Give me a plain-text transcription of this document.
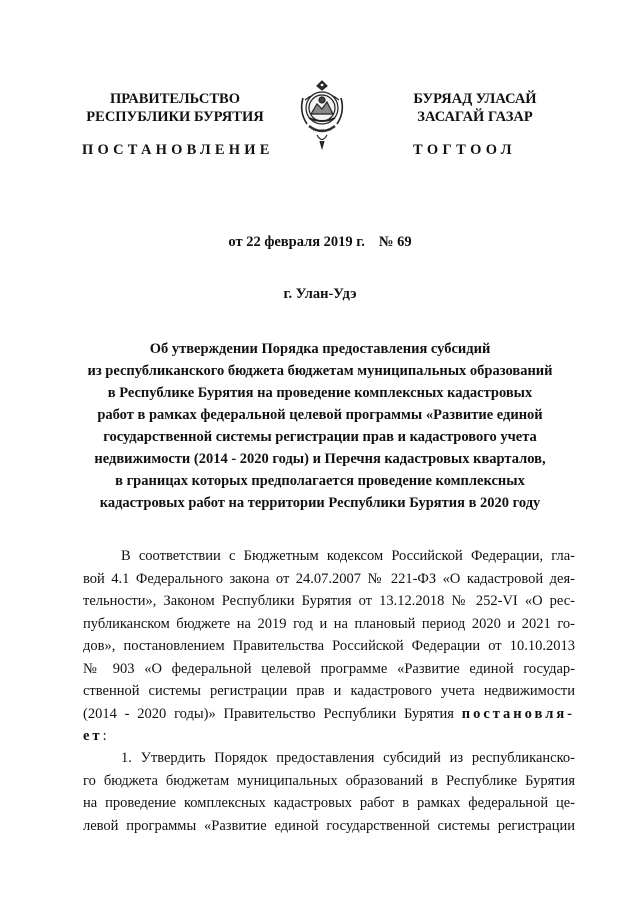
ПРАВИТЕЛЬСТВО
РЕСПУБЛИКИ БУРЯТИЯ
БУРЯАД УЛАСАЙ
ЗАСАГАЙ ГАЗАР
ПОСТАНОВЛЕНИЕ	ТОГТООЛ
от 22 февраля 2019 г. № 69
г. Улан-Удэ
Об утверждении Порядка предоставления субсидий
из республиканского бюджета бюджетам муниципальных образований
в Республике Бурятия на проведение комплексных кадастровых
работ в рамках федеральной целевой программы «Развитие единой
государственной системы регистрации прав и кадастрового учета
недвижимости (2014 - 2020 годы) и Перечня кадастровых кварталов,
в границах которых предполагается проведение комплексных
кадастровых работ на территории Республики Бурятия в 2020 году
В соответствии с Бюджетным кодексом Российской Федерации, гла-
вой 4.1 Федерального закона от 24.07.2007 № 221-ФЗ «О кадастровой дея-
тельности», Законом Республики Бурятия от 13.12.2018 № 252-VI «О рес-
публиканском бюджете на 2019 год и на плановый период 2020 и 2021 го-
дов», постановлением Правительства Российской Федерации от 10.10.2013
№ 903 «О федеральной целевой программе «Развитие единой государ-
ственной системы регистрации прав и кадастрового учета недвижимости
(2014 - 2020 годы)» Правительство Республики Бурятия постановля-
ет:
1. Утвердить Порядок предоставления субсидий из республиканско-
го бюджета бюджетам муниципальных образований в Республике Бурятия
на проведение комплексных кадастровых работ в рамках федеральной це-
левой программы «Развитие единой государственной системы регистрации
